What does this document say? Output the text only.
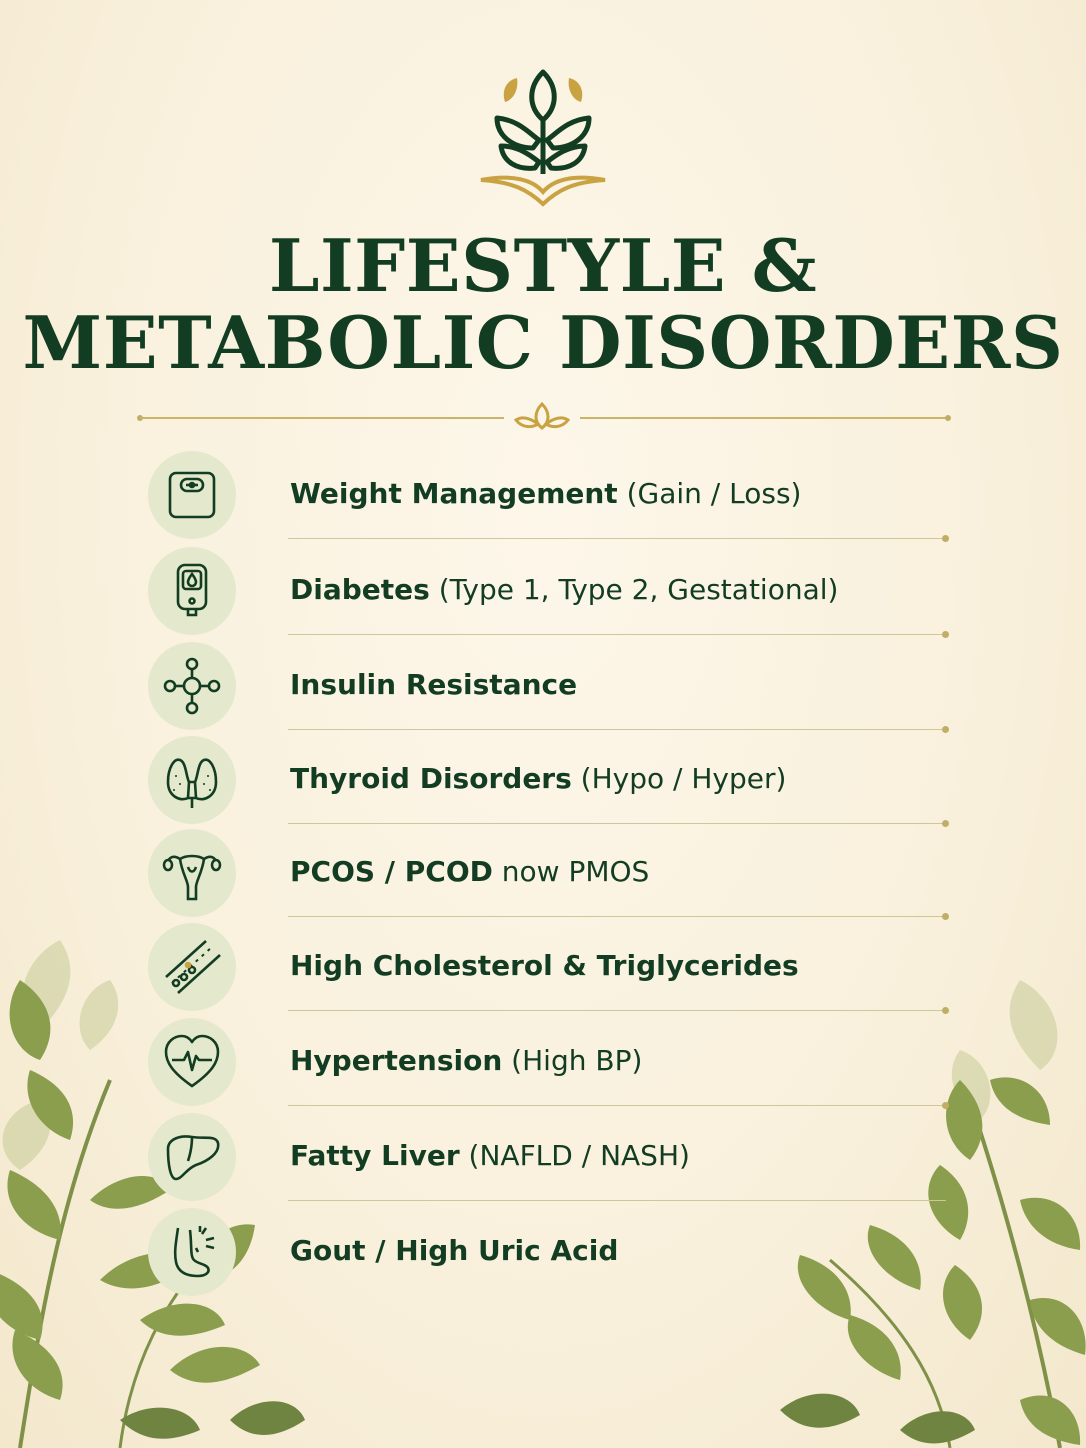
LIFESTYLE &
METABOLIC DISORDERS
Weight Management (Gain / Loss)
Diabetes (Type 1, Type 2, Gestational)
Insulin Resistance
Thyroid Disorders (Hypo / Hyper)
PCOS / PCOD now PMOS
High Cholesterol & Triglycerides
Hypertension (High BP)
Fatty Liver (NAFLD / NASH)
Gout / High Uric Acid
